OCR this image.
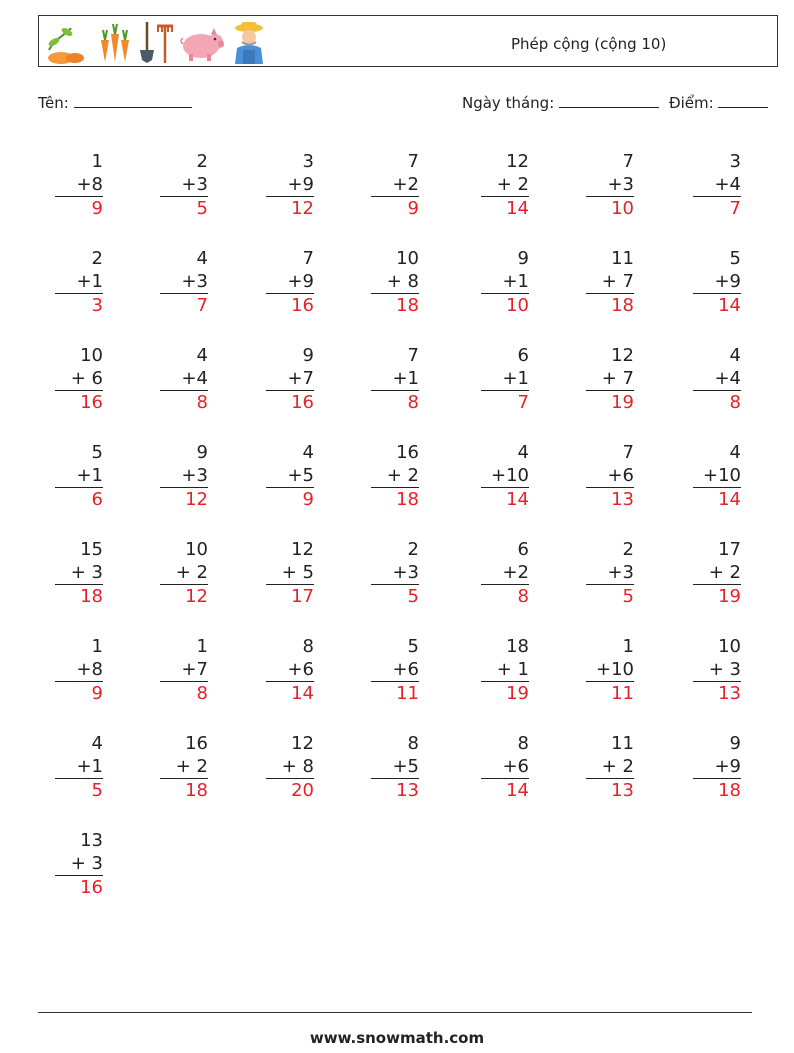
Phép cộng (cộng 10)
Tên:	Ngày tháng:	Điểm:
1
+8
9
2
+3
5
3
+9
12
7
+2
9
12
+ 2
14
7
+3
10
3
+4
7
2
+1
3
4
+3
7
7
+9
16
10
+ 8
18
9
+1
10
11
+ 7
18
5
+9
14
10
+ 6
16
4
+4
8
9
+7
16
7
+1
8
6
+1
7
12
+ 7
19
4
+4
8
5
+1
6
9
+3
12
4
+5
9
16
+ 2
18
4
+10
14
7
+6
13
4
+10
14
15
+ 3
18
10
+ 2
12
12
+ 5
17
2
+3
5
6
+2
8
2
+3
5
17
+ 2
19
1
+8
9
1
+7
8
8
+6
14
5
+6
11
18
+ 1
19
1
+10
11
10
+ 3
13
4
+1
5
16
+ 2
18
12
+ 8
20
8
+5
13
8
+6
14
11
+ 2
13
9
+9
18
13
+ 3
16
www.snowmath.com
